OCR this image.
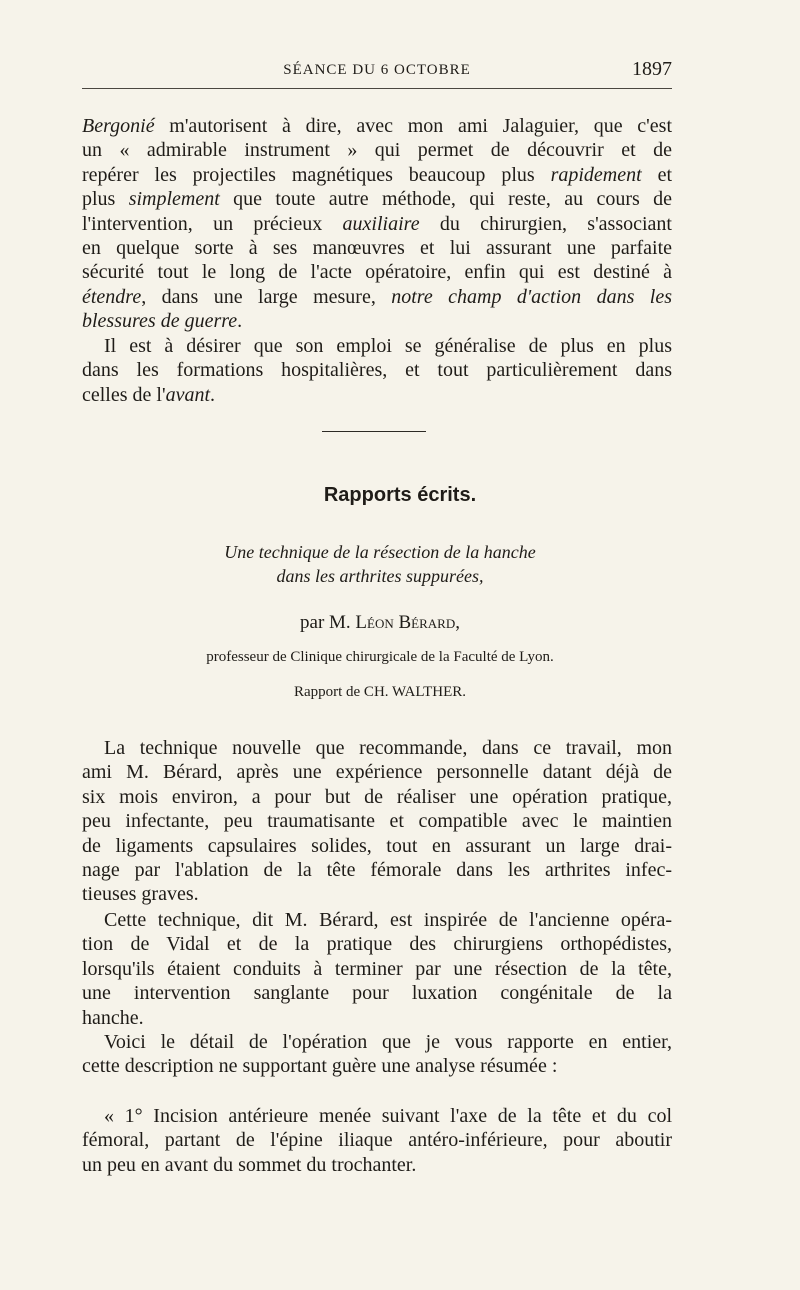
SÉANCE DU 6 OCTOBRE	1897

Bergonié m'autorisent à dire, avec mon ami Jalaguier, que c'est

un « admirable instrument » qui permet de découvrir et de

repérer les projectiles magnétiques beaucoup plus rapidement et

plus simplement que toute autre méthode, qui reste, au cours de

l'intervention, un précieux auxiliaire du chirurgien, s'associant

en quelque sorte à ses manœuvres et lui assurant une parfaite

sécurité tout le long de l'acte opératoire, enfin qui est destiné à

étendre, dans une large mesure, notre champ d'action dans les

blessures de guerre.

Il est à désirer que son emploi se généralise de plus en plus

dans les formations hospitalières, et tout particulièrement dans

celles de l'avant.

Rapports écrits.
Une technique de la résection de la hanche
dans les arthrites suppurées,
par M. Léon Bérard,
professeur de Clinique chirurgicale de la Faculté de Lyon.
Rapport de CH. WALTHER.

La technique nouvelle que recommande, dans ce travail, mon

ami M. Bérard, après une expérience personnelle datant déjà de

six mois environ, a pour but de réaliser une opération pratique,

peu infectante, peu traumatisante et compatible avec le maintien

de ligaments capsulaires solides, tout en assurant un large drai-

nage par l'ablation de la tête fémorale dans les arthrites infec-

tieuses graves.

Cette technique, dit M. Bérard, est inspirée de l'ancienne opéra-

tion de Vidal et de la pratique des chirurgiens orthopédistes,

lorsqu'ils étaient conduits à terminer par une résection de la tête,

une intervention sanglante pour luxation congénitale de la

hanche.

Voici le détail de l'opération que je vous rapporte en entier,

cette description ne supportant guère une analyse résumée :

« 1° Incision antérieure menée suivant l'axe de la tête et du col

fémoral, partant de l'épine iliaque antéro-inférieure, pour aboutir

un peu en avant du sommet du trochanter.
